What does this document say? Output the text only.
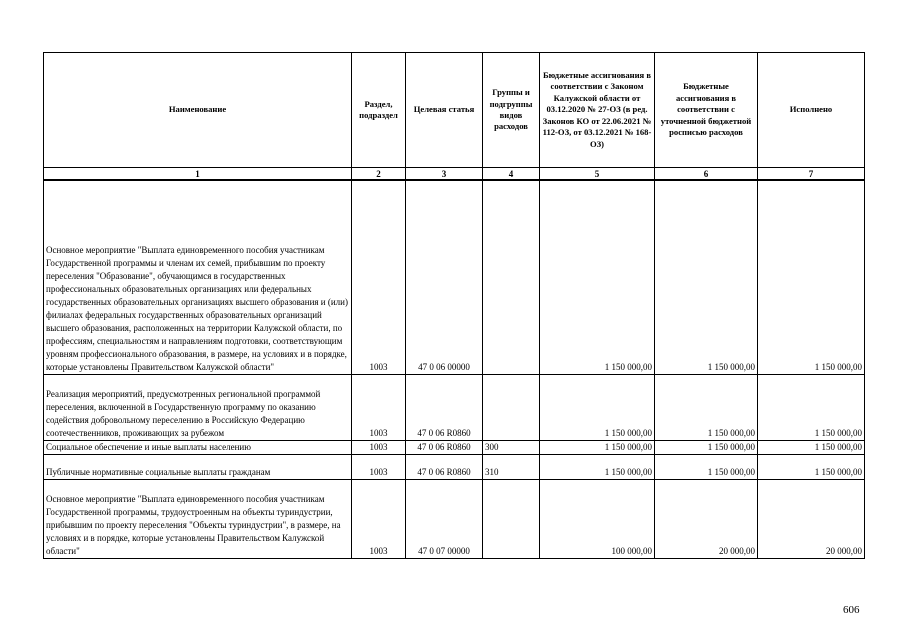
Наименование	Раздел, подраздел	Целевая статья	Группы и подгруппы видов расходов	Бюджетные ассигнования в соответствии с Законом Калужской области от 03.12.2020 № 27-ОЗ (в ред. Законов КО от 22.06.2021 № 112-ОЗ, от 03.12.2021 № 168-ОЗ)	Бюджетные ассигнования в соответствии с уточненной бюджетной росписью расходов	Исполнено
1	2	3	4	5	6	7
Основное мероприятие "Выплата единовременного пособия участникам Государственной программы и членам их семей, прибывшим по проекту переселения "Образование", обучающимся в государственных профессиональных образовательных организациях или федеральных государственных образовательных организациях высшего образования и (или) филиалах федеральных государственных образовательных организаций высшего образования, расположенных на территории Калужской области, по профессиям, специальностям и направлениям подготовки, соответствующим уровням профессионального образования, в размере, на условиях и в порядке, которые установлены Правительством Калужской области"	1003	47 0 06 00000		1 150 000,00	1 150 000,00	1 150 000,00
Реализация мероприятий, предусмотренных региональной программой переселения, включенной в Государственную программу по оказанию содействия добровольному переселению в Российскую Федерацию соотечественников, проживающих за рубежом	1003	47 0 06 R0860		1 150 000,00	1 150 000,00	1 150 000,00
Социальное обеспечение и иные выплаты населению	1003	47 0 06 R0860	300	1 150 000,00	1 150 000,00	1 150 000,00
Публичные нормативные социальные выплаты гражданам	1003	47 0 06 R0860	310	1 150 000,00	1 150 000,00	1 150 000,00
Основное мероприятие "Выплата единовременного пособия участникам Государственной программы, трудоустроенным на объекты туриндустрии, прибывшим по проекту переселения "Объекты туриндустрии", в размере, на условиях и в порядке, которые установлены Правительством Калужской области"	1003	47 0 07 00000		100 000,00	20 000,00	20 000,00
606
